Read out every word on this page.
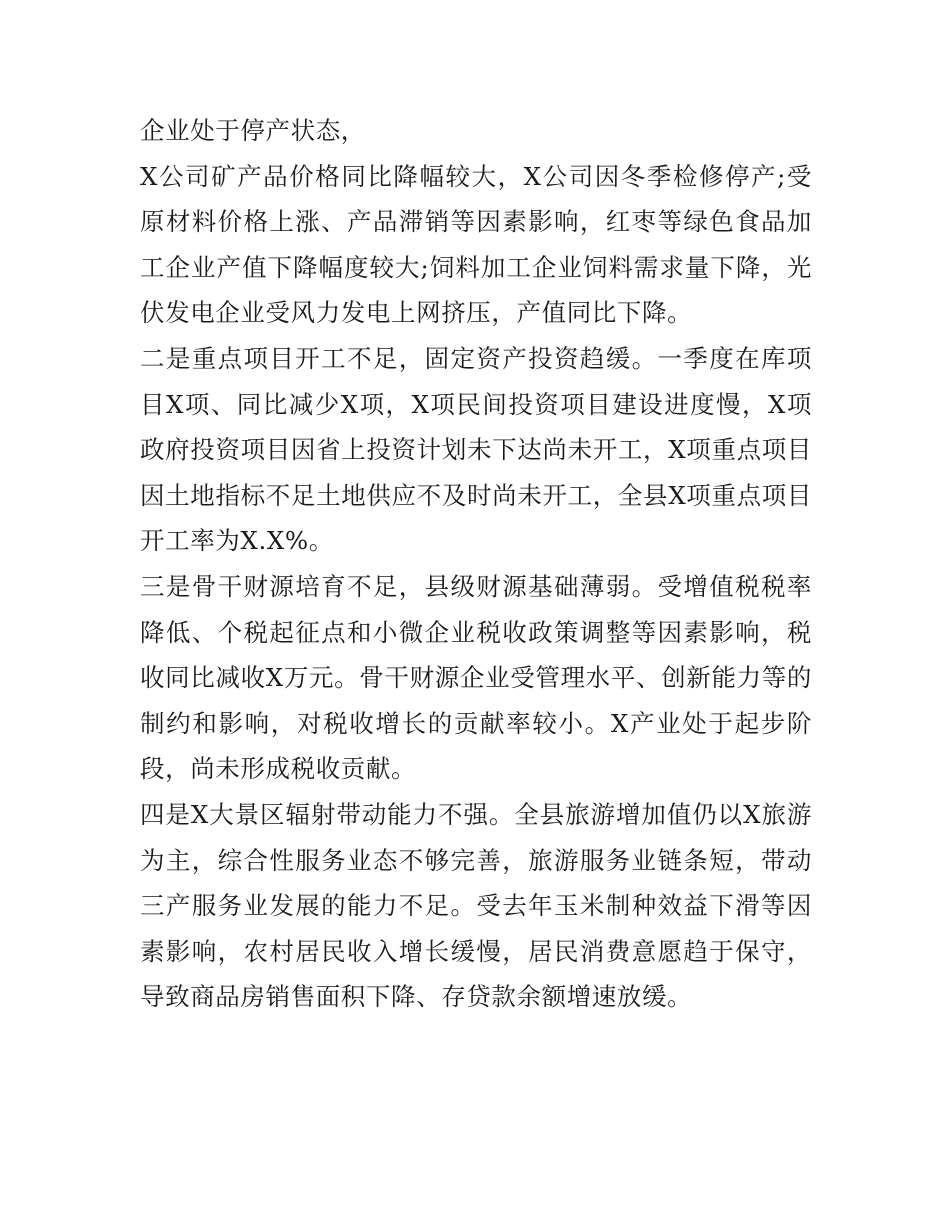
企业处于停产状态，

X公司矿产品价格同比降幅较大，X公司因冬季检修停产;受原材料价格上涨、产品滞销等因素影响，红枣等绿色食品加工企业产值下降幅度较大;饲料加工企业饲料需求量下降，光伏发电企业受风力发电上网挤压，产值同比下降。

二是重点项目开工不足，固定资产投资趋缓。一季度在库项目X项、同比减少X项，X项民间投资项目建设进度慢，X项政府投资项目因省上投资计划未下达尚未开工，X项重点项目因土地指标不足土地供应不及时尚未开工，全县X项重点项目开工率为X.X%。

三是骨干财源培育不足，县级财源基础薄弱。受增值税税率降低、个税起征点和小微企业税收政策调整等因素影响，税收同比减收X万元。骨干财源企业受管理水平、创新能力等的制约和影响，对税收增长的贡献率较小。X产业处于起步阶段，尚未形成税收贡献。

四是X大景区辐射带动能力不强。全县旅游增加值仍以X旅游为主，综合性服务业态不够完善，旅游服务业链条短，带动三产服务业发展的能力不足。受去年玉米制种效益下滑等因素影响，农村居民收入增长缓慢，居民消费意愿趋于保守，导致商品房销售面积下降、存贷款余额增速放缓。
